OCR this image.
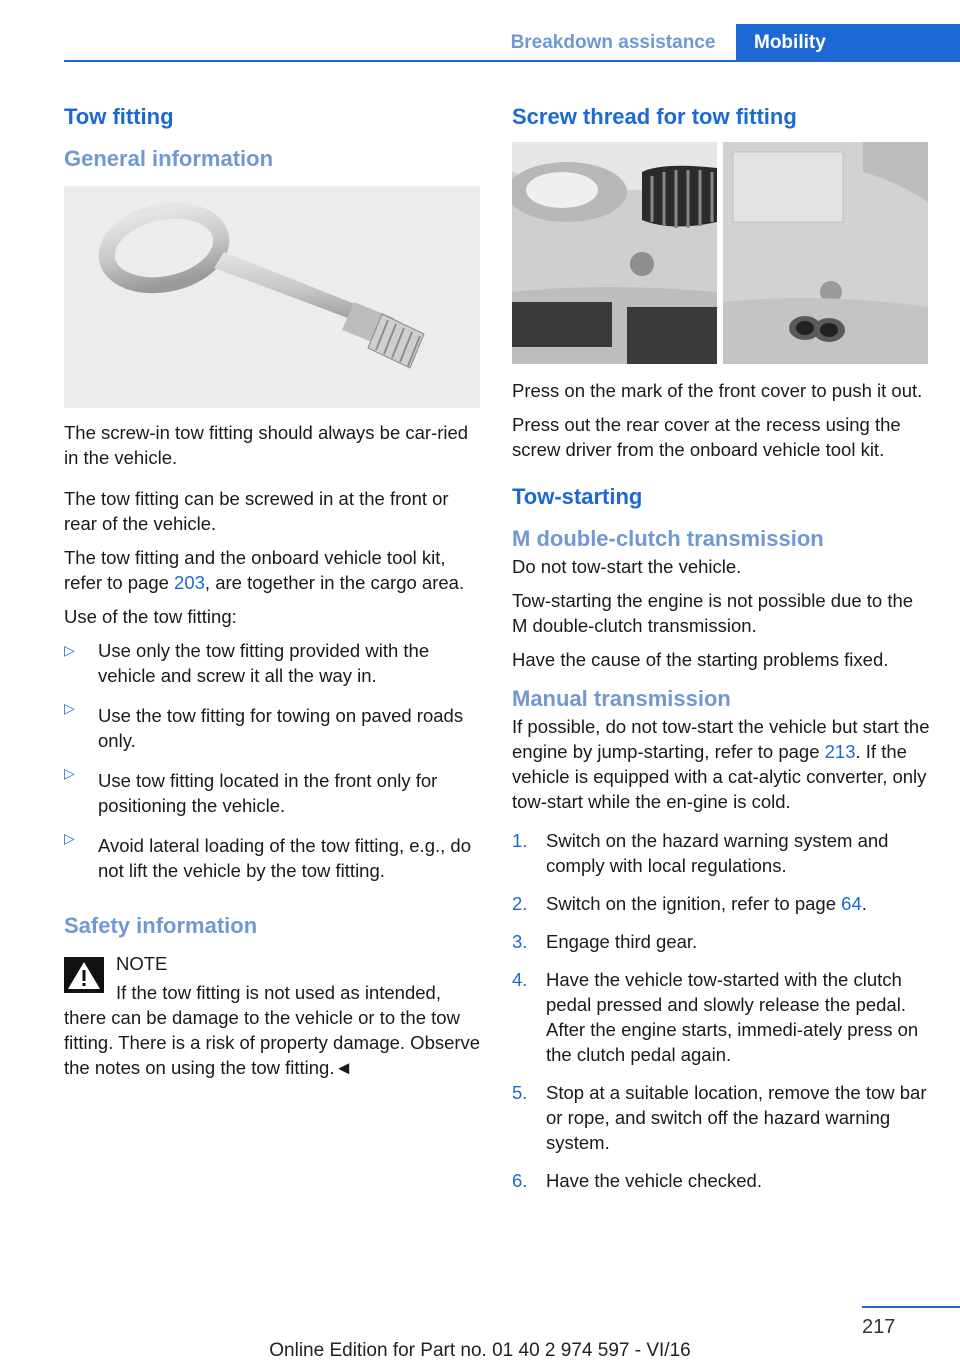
Breakdown assistance	Mobility
Tow fitting
General information

The screw-in tow fitting should always be car-ried in the vehicle.

The tow fitting can be screwed in at the front or rear of the vehicle.

The tow fitting and the onboard vehicle tool kit, refer to page 203, are together in the cargo area.

Use of the tow fitting:

▷ Use only the tow fitting provided with the vehicle and screw it all the way in.
▷ Use the tow fitting for towing on paved roads only.
▷ Use tow fitting located in the front only for positioning the vehicle.
▷ Avoid lateral loading of the tow fitting, e.g., do not lift the vehicle by the tow fitting.
Safety information

NOTE

If the tow fitting is not used as intended, there can be damage to the vehicle or to the tow fitting. There is a risk of property damage. Observe the notes on using the tow fitting.◄

Screw thread for tow fitting

Press on the mark of the front cover to push it out.

Press out the rear cover at the recess using the screw driver from the onboard vehicle tool kit.

Tow-starting
M double-clutch transmission

Do not tow-start the vehicle.

Tow-starting the engine is not possible due to the M double-clutch transmission.

Have the cause of the starting problems fixed.

Manual transmission

If possible, do not tow-start the vehicle but start the engine by jump-starting, refer to page 213. If the vehicle is equipped with a cat-alytic converter, only tow-start while the en-gine is cold.

1. Switch on the hazard warning system and comply with local regulations.
2. Switch on the ignition, refer to page 64.
3. Engage third gear.
4. Have the vehicle tow-started with the clutch pedal pressed and slowly release the pedal. After the engine starts, immedi-ately press on the clutch pedal again.
5. Stop at a suitable location, remove the tow bar or rope, and switch off the hazard warning system.
6. Have the vehicle checked.
217
Online Edition for Part no. 01 40 2 974 597 - VI/16
